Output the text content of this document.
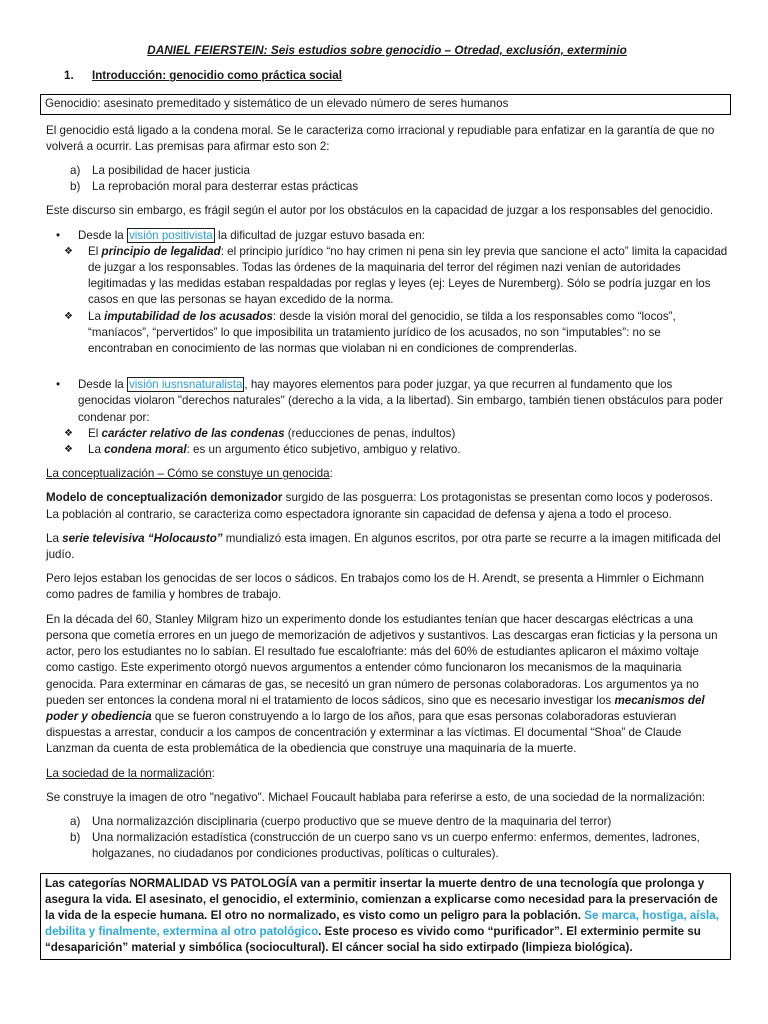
DANIEL FEIERSTEIN: Seis estudios sobre genocidio – Otredad, exclusión, exterminio
1. Introducción: genocidio como práctica social
Genocidio: asesinato premeditado y sistemático de un elevado número de seres humanos

El genocidio está ligado a la condena moral. Se le caracteriza como irracional y repudiable para enfatizar en la garantía de que no volverá a ocurrir. Las premisas para afirmar esto son 2:

a) La posibilidad de hacer justicia
b) La reprobación moral para desterrar estas prácticas

Este discurso sin embargo, es frágil según el autor por los obstáculos en la capacidad de juzgar a los responsables del genocidio.

• Desde la visión positivista la dificultad de juzgar estuvo basada en:
❖ El principio de legalidad: el principio jurídico “no hay crimen ni pena sin ley previa que sancione el acto” limita la capacidad de juzgar a los responsables. Todas las órdenes de la maquinaria del terror del régimen nazi venían de autoridades legitimadas y las medidas estaban respaldadas por reglas y leyes (ej: Leyes de Nuremberg). Sólo se podría juzgar en los casos en que las personas se hayan excedido de la norma.
❖ La imputabilidad de los acusados: desde la visión moral del genocidio, se tilda a los responsables como “locos”, “maníacos”, “pervertidos” lo que imposibilita un tratamiento jurídico de los acusados, no son “imputables”: no se encontraban en conocimiento de las normas que violaban ni en condiciones de comprenderlas.
• Desde la visión iusnsnaturalista , hay mayores elementos para poder juzgar, ya que recurren al fundamento que los genocidas violaron "derechos naturales" (derecho a la vida, a la libertad). Sin embargo, también tienen obstáculos para poder condenar por:
❖ El carácter relativo de las condenas (reducciones de penas, indultos)
❖ La condena moral: es un argumento ético subjetivo, ambiguo y relativo.

La conceptualización – Cómo se constuye un genocida:

Modelo de conceptualización demonizador surgido de las posguerra: Los protagonistas se presentan como locos y poderosos. La población al contrario, se caracteriza como espectadora ignorante sin capacidad de defensa y ajena a todo el proceso.

La serie televisiva “Holocausto” mundializó esta imagen. En algunos escritos, por otra parte se recurre a la imagen mitificada del judío.

Pero lejos estaban los genocidas de ser locos o sádicos. En trabajos como los de H. Arendt, se presenta a Himmler o Eichmann como padres de familia y hombres de trabajo.

En la década del 60, Stanley Milgram hizo un experimento donde los estudiantes tenían que hacer descargas eléctricas a una persona que cometía errores en un juego de memorización de adjetivos y sustantivos. Las descargas eran ficticias y la persona un actor, pero los estudiantes no lo sabían. El resultado fue escalofriante: más del 60% de estudiantes aplicaron el máximo voltaje como castigo. Este experimento otorgó nuevos argumentos a entender cómo funcionaron los mecanismos de la maquinaria genocida. Para exterminar en cámaras de gas, se necesitó un gran número de personas colaboradoras. Los argumentos ya no pueden ser entonces la condena moral ni el tratamiento de locos sádicos, sino que es necesario investigar los mecanismos del poder y obediencia que se fueron construyendo a lo largo de los años, para que esas personas colaboradoras estuvieran dispuestas a arrestar, conducir a los campos de concentración y exterminar a las víctimas. El documental “Shoa” de Claude Lanzman da cuenta de esta problemática de la obediencia que construye una maquinaria de la muerte.

La sociedad de la normalización:

Se construye la imagen de otro "negativo". Michael Foucault hablaba para referirse a esto, de una sociedad de la normalización:

a) Una normalizazción disciplinaria (cuerpo productivo que se mueve dentro de la maquinaria del terror)
b) Una normalización estadística (construcción de un cuerpo sano vs un cuerpo enfermo: enfermos, dementes, ladrones, holgazanes, no ciudadanos por condiciones productivas, políticas o culturales).
Las categorías NORMALIDAD VS PATOLOGÍA van a permitir insertar la muerte dentro de una tecnología que prolonga y asegura la vida. El asesinato, el genocidio, el exterminio, comienzan a explicarse como necesidad para la preservación de la vida de la especie humana. El otro no normalizado, es visto como un peligro para la población. Se marca, hostiga, aísla, debilita y finalmente, extermina al otro patológico. Este proceso es vivido como “purificador”. El exterminio permite su “desaparición” material y simbólica (sociocultural). El cáncer social ha sido extirpado (limpieza biológica).
